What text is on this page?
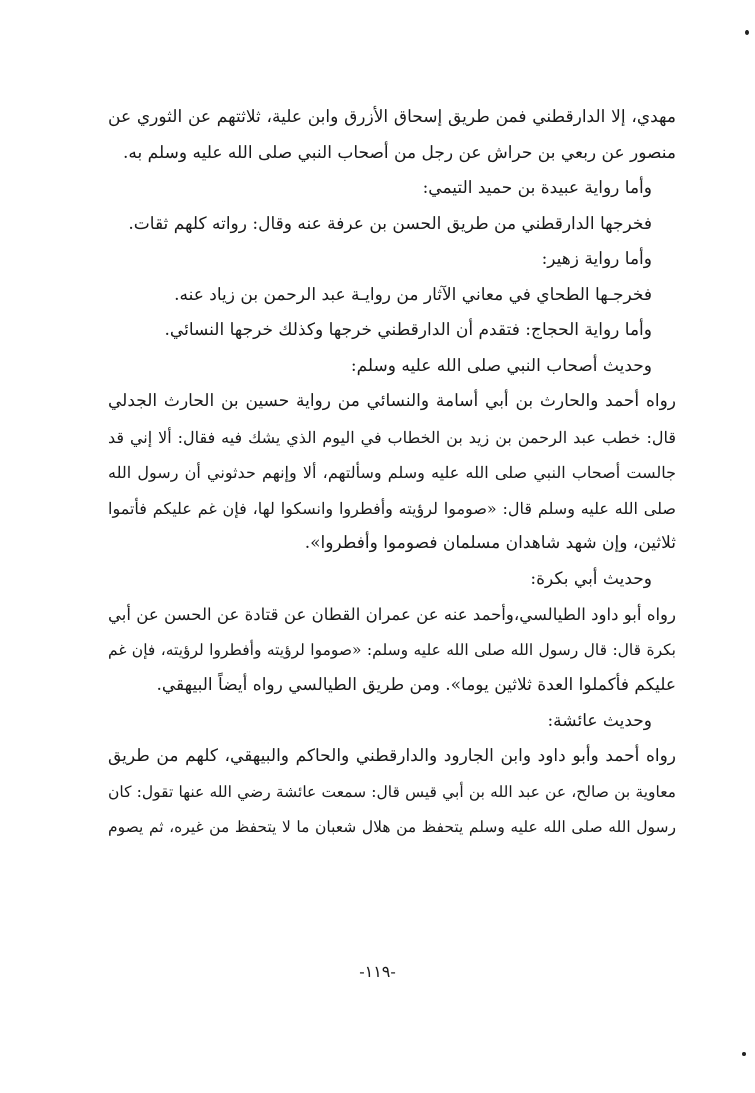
مهدي، إلا الدارقطني فمن طريق إسحاق الأزرق وابن علية، ثلاثتهم عن الثوري عن
منصور عن ربعي بن حراش عن رجل من أصحاب النبي صلى الله عليه وسلم به.
وأما رواية عبيدة بن حميد التيمي:
فخرجها الدارقطني من طريق الحسن بن عرفة عنه وقال: رواته كلهم ثقات.
وأما رواية زهير:
فخرجـها الطحاي في معاني الآثار من روايـة عبد الرحمن بن زياد عنه.
وأما رواية الحجاج: فتقدم أن الدارقطني خرجها وكذلك خرجها النسائي.
وحديث أصحاب النبي صلى الله عليه وسلم:
رواه أحمد والحارث بن أبي أسامة والنسائي من رواية حسين بن الحارث الجدلي
قال: خطب عبد الرحمن بن زيد بن الخطاب في اليوم الذي يشك فيه فقال: ألا إني قد
جالست أصحاب النبي صلى الله عليه وسلم وسألتهم، ألا وإنهم حدثوني أن رسول الله
صلى الله عليه وسلم قال: «صوموا لرؤيته وأفطروا وانسكوا لها، فإن غم عليكم فأتموا
ثلاثين، وإن شهد شاهدان مسلمان فصوموا وأفطروا».
وحديث أبي بكرة:
رواه أبو داود الطيالسي،وأحمد عنه عن عمران القطان عن قتادة عن الحسن عن أبي
بكرة قال: قال رسول الله صلى الله عليه وسلم: «صوموا لرؤيته وأفطروا لرؤيته، فإن غم
عليكم فأكملوا العدة ثلاثين يوما». ومن طريق الطيالسي رواه أيضاً البيهقي.
وحديث عائشة:
رواه أحمد وأبو داود وابن الجارود والدارقطني والحاكم والبيهقي، كلهم من طريق
معاوية بن صالح، عن عبد الله بن أبي قيس قال: سمعت عائشة رضي الله عنها تقول: كان
رسول الله صلى الله عليه وسلم يتحفظ من هلال شعبان ما لا يتحفظ من غيره، ثم يصوم
-١١٩-
